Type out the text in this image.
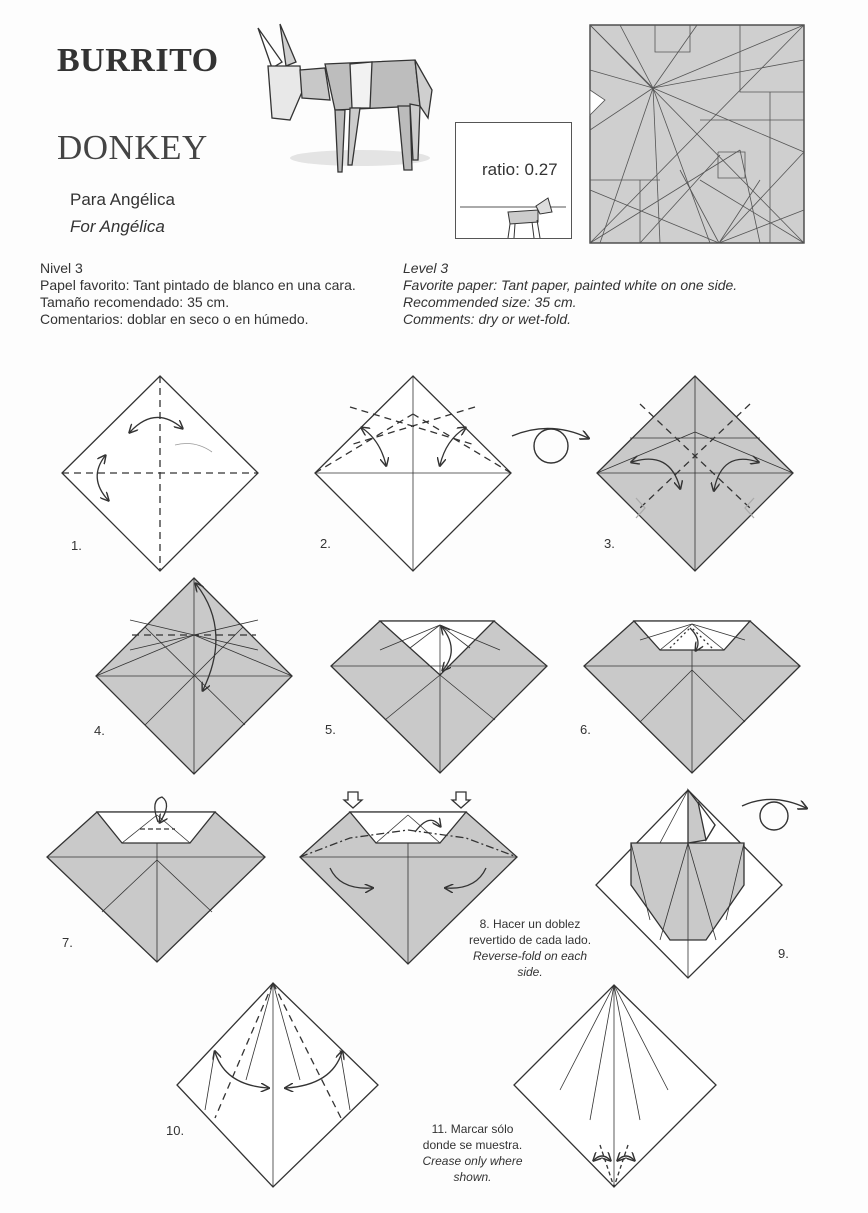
BURRITO
DONKEY
Para Angélica
For Angélica
Nivel 3
Papel favorito: Tant pintado de blanco en una cara.
Tamaño recomendado: 35 cm.
Comentarios: doblar en seco o en húmedo.
Level 3
Favorite paper: Tant paper, painted white on one side.
Recommended size: 35 cm.
Comments: dry or wet-fold.
ratio: 0.27
1.	2.	3.
4.	5.	6.
7.
9.
10.
8. Hacer un doblez
revertido de cada lado.
Reverse-fold on each
side.
11. Marcar sólo
donde se muestra.
Crease only where
shown.
